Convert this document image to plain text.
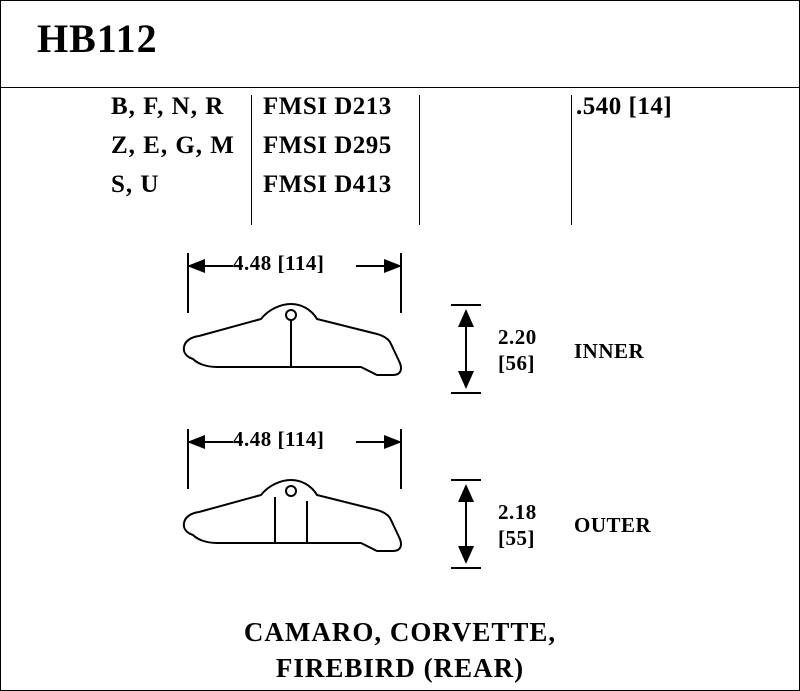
HB112
B, F, N, R
Z, E, G, M
S, U
FMSI D213
FMSI D295
FMSI D413
.540 [14]
4.48 [114]
2.20
[56] INNER
4.48 [114]
2.18
[55]
OUTER
CAMARO, CORVETTE,
FIREBIRD (REAR)
